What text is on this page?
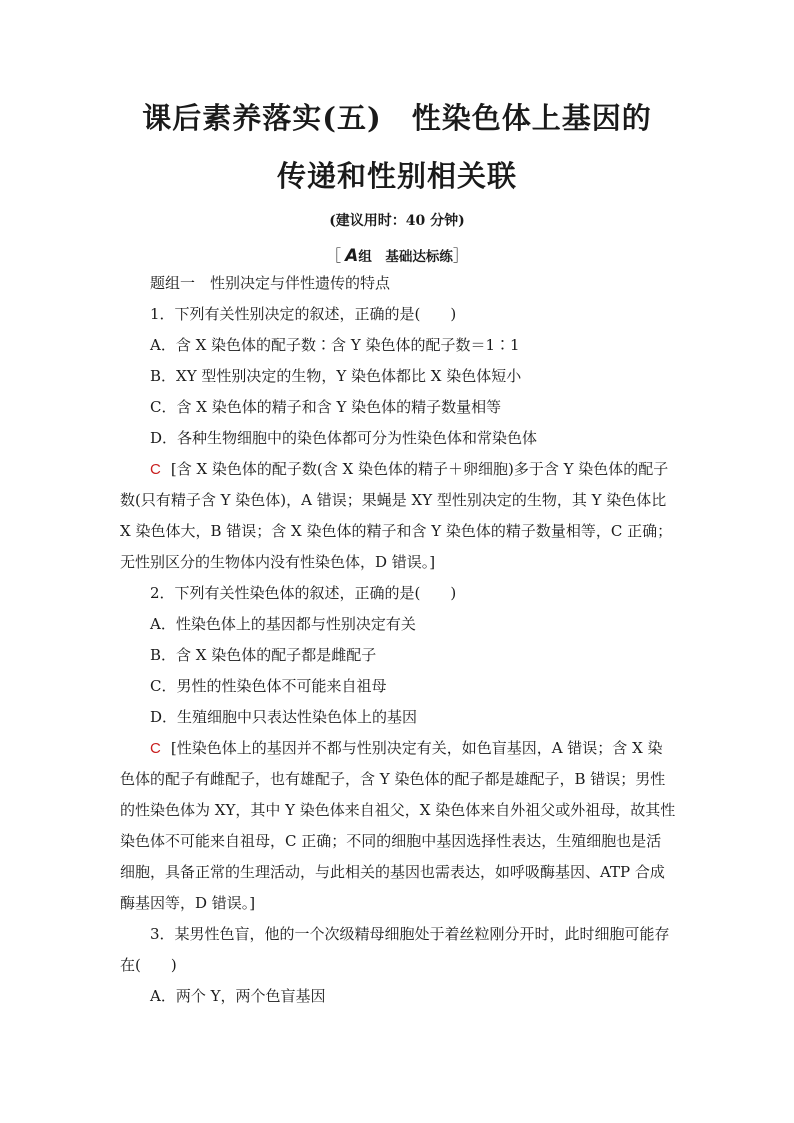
课后素养落实(五) 性染色体上基因的
传递和性别相关联
(建议用时：40 分钟)
［ A组　基础达标练］

题组一　性别决定与伴性遗传的特点

1．下列有关性别决定的叙述，正确的是(　　)

A．含 X 染色体的配子数∶含 Y 染色体的配子数＝1∶1

B．XY 型性别决定的生物，Y 染色体都比 X 染色体短小

C．含 X 染色体的精子和含 Y 染色体的精子数量相等

D．各种生物细胞中的染色体都可分为性染色体和常染色体

C [含 X 染色体的配子数(含 X 染色体的精子＋卵细胞)多于含 Y 染色体的配子数(只有精子含 Y 染色体)，A 错误；果蝇是 XY 型性别决定的生物，其 Y 染色体比 X 染色体大，B 错误；含 X 染色体的精子和含 Y 染色体的精子数量相等，C 正确；无性别区分的生物体内没有性染色体，D 错误。]

2．下列有关性染色体的叙述，正确的是(　　)

A．性染色体上的基因都与性别决定有关

B．含 X 染色体的配子都是雌配子

C．男性的性染色体不可能来自祖母

D．生殖细胞中只表达性染色体上的基因

C [性染色体上的基因并不都与性别决定有关，如色盲基因，A 错误；含 X 染色体的配子有雌配子，也有雄配子，含 Y 染色体的配子都是雄配子，B 错误；男性的性染色体为 XY，其中 Y 染色体来自祖父，X 染色体来自外祖父或外祖母，故其性染色体不可能来自祖母，C 正确；不同的细胞中基因选择性表达，生殖细胞也是活细胞，具备正常的生理活动，与此相关的基因也需表达，如呼吸酶基因、ATP 合成酶基因等，D 错误。]

3．某男性色盲，他的一个次级精母细胞处于着丝粒刚分开时，此时细胞可能存在(　　)

A．两个 Y，两个色盲基因
